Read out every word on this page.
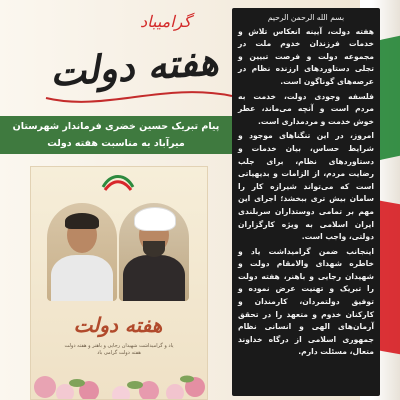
گرامیباد
هفته دولت
پیام تبریک حسین خضری فرماندار شهرستان
میرآباد به مناسبت هفته دولت
هفته دولت
یاد و گرامیداشت شهیدان رجایی و باهنر و هفته دولت
هفته دولت گرامی باد

بسم الله الرحمن الرحیم

هفته دولت، آیینه انعکاس تلاش و خدمات فرزندان خدوم ملت در مجموعه دولت و فرصت تبیین و تجلی دستاوردهای ارزنده نظام در عرصه‌های گوناگون است.

فلسفه وجودی دولت، خدمت به مردم است و آنچه می‌ماند، عطر خوش خدمت و مردمداری است.

امروز، در این تنگناهای موجود و شرایط حساس، بیان خدمات و دستاوردهای نظام، برای جلب رضایت مردم، از الزامات و بدیهیاتی است که می‌تواند شیرازه کار را سامان بیش تری ببخشد؛ اجرای این مهم بر تمامی دوستداران سربلندی ایران اسلامی به ویژه کارگزاران دولتی، واجب است.

اینجانب ضمن گرامیداشت یاد و خاطره شهدای والامقام دولت و شهیدان رجایی و باهنر، هفته دولت را تبریک و تهنیت عرض نموده و توفیق دولتمردان، کارمندان و کارکنان خدوم و متعهد را در تحقق آرمان‌های الهی و انسانی نظام جمهوری اسلامی از درگاه خداوند متعال، مسئلت دارم.
